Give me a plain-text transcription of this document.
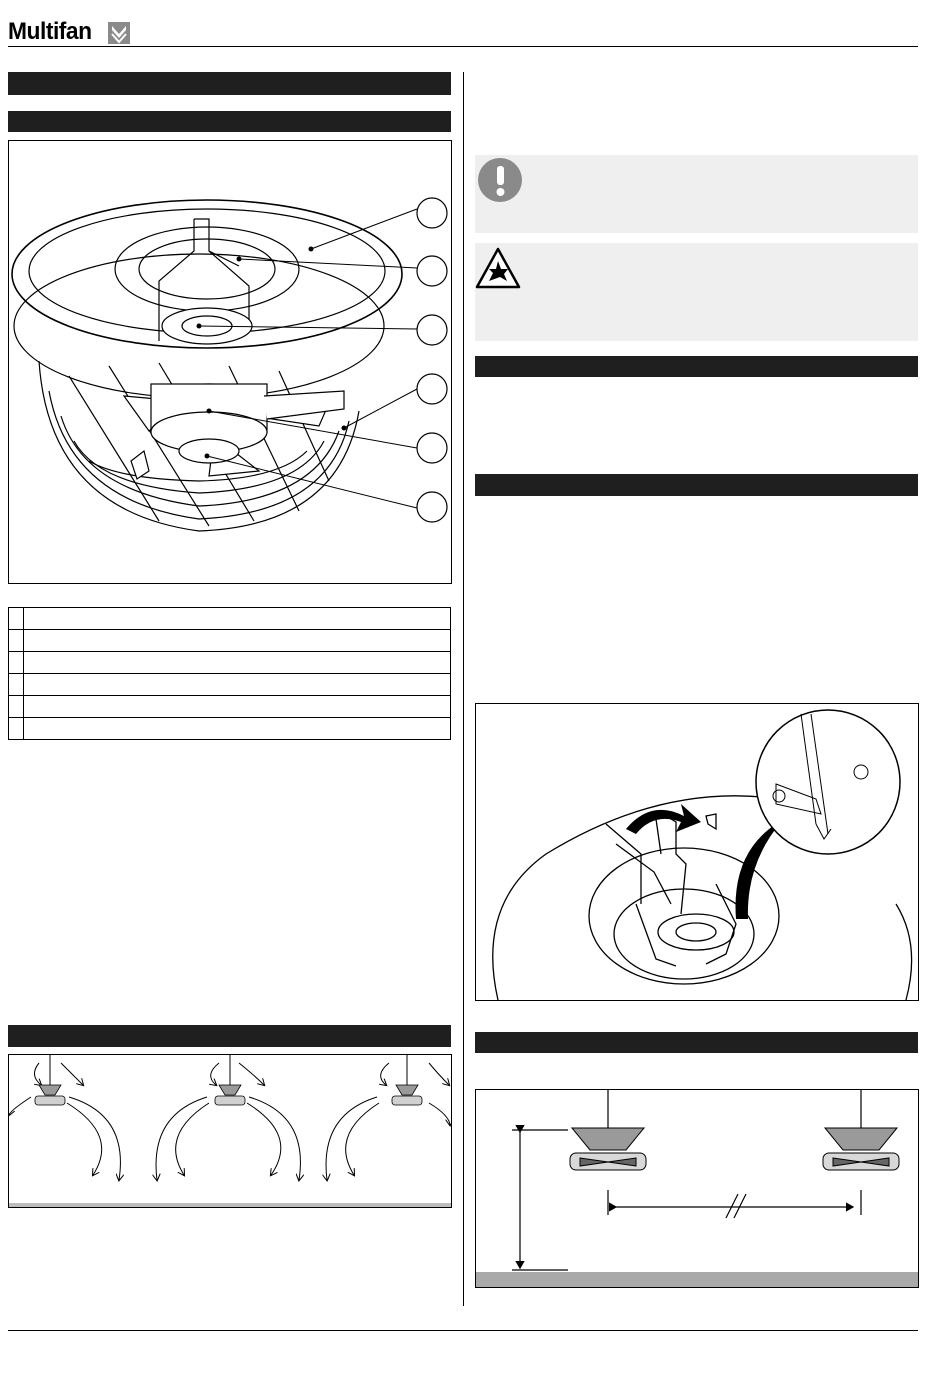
Multifan
